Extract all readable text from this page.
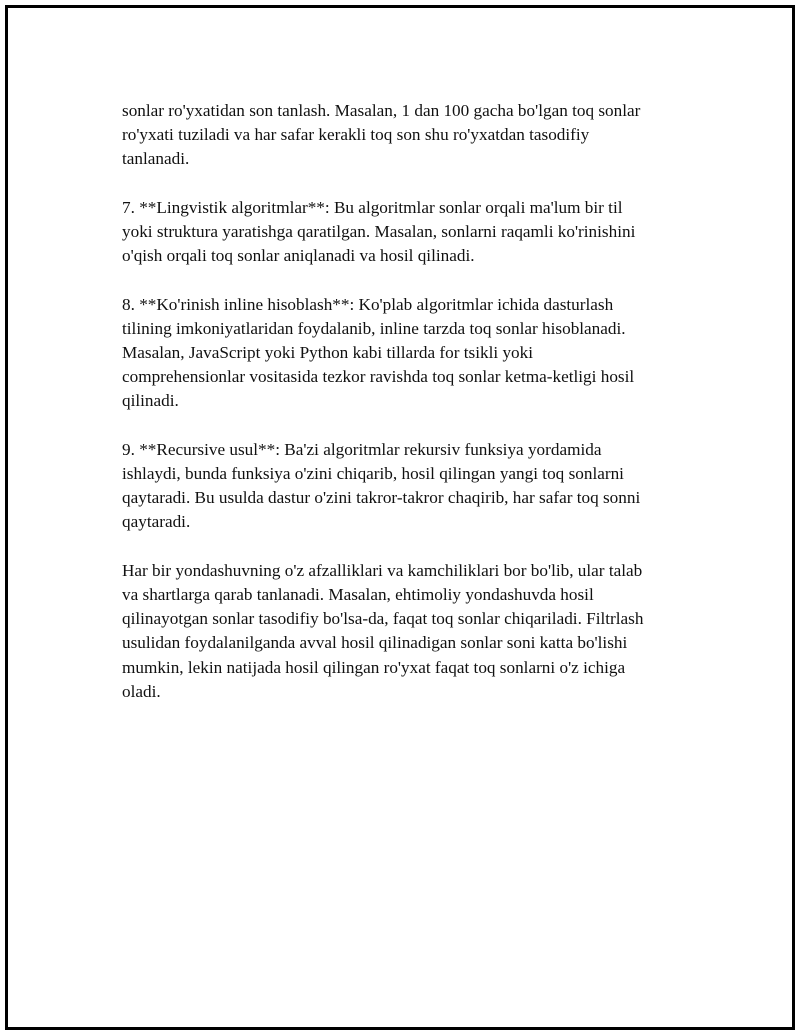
sonlar ro'yxatidan son tanlash. Masalan, 1 dan 100 gacha bo'lgan toq sonlar
ro'yxati tuziladi va har safar kerakli toq son shu ro'yxatdan tasodifiy
tanlanadi.

7. **Lingvistik algoritmlar**: Bu algoritmlar sonlar orqali ma'lum bir til
yoki struktura yaratishga qaratilgan. Masalan, sonlarni raqamli ko'rinishini
o'qish orqali toq sonlar aniqlanadi va hosil qilinadi.

8. **Ko'rinish inline hisoblash**: Ko'plab algoritmlar ichida dasturlash
tilining imkoniyatlaridan foydalanib, inline tarzda toq sonlar hisoblanadi.
Masalan, JavaScript yoki Python kabi tillarda for tsikli yoki
comprehensionlar vositasida tezkor ravishda toq sonlar ketma-ketligi hosil
qilinadi.

9. **Recursive usul**: Ba'zi algoritmlar rekursiv funksiya yordamida
ishlaydi, bunda funksiya o'zini chiqarib, hosil qilingan yangi toq sonlarni
qaytaradi. Bu usulda dastur o'zini takror-takror chaqirib, har safar toq sonni
qaytaradi.

Har bir yondashuvning o'z afzalliklari va kamchiliklari bor bo'lib, ular talab
va shartlarga qarab tanlanadi. Masalan, ehtimoliy yondashuvda hosil
qilinayotgan sonlar tasodifiy bo'lsa-da, faqat toq sonlar chiqariladi. Filtrlash
usulidan foydalanilganda avval hosil qilinadigan sonlar soni katta bo'lishi
mumkin, lekin natijada hosil qilingan ro'yxat faqat toq sonlarni o'z ichiga
oladi.
